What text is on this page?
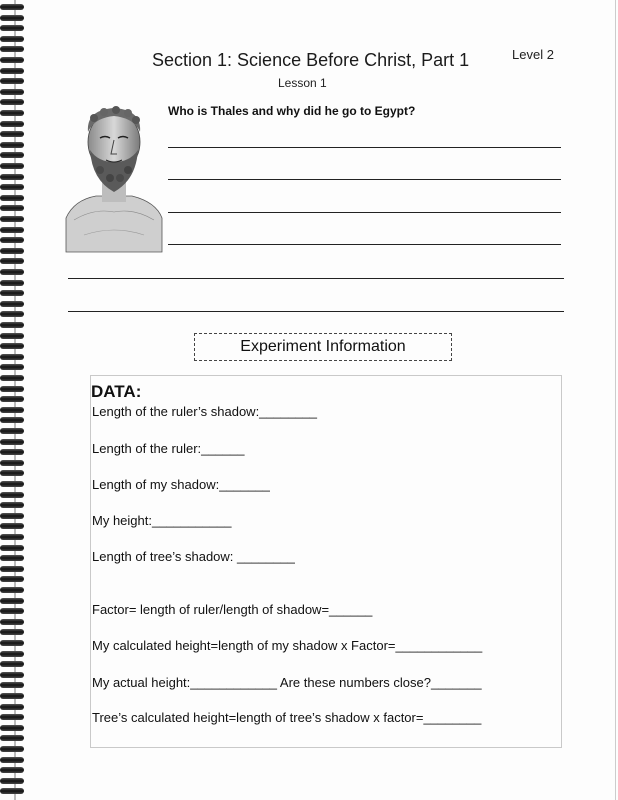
Section 1: Science Before Christ, Part 1	Level 2
Lesson 1
Who is Thales and why did he go to Egypt?
Experiment Information
DATA:
Length of the ruler’s shadow:________
Length of the ruler:______
Length of my shadow:_______
My height:___________
Length of tree’s shadow: ________
Factor= length of ruler/length of shadow=______
My calculated height=length of my shadow x Factor=____________
My actual height:____________ Are these numbers close?_______
Tree’s calculated height=length of tree’s shadow x factor=________
